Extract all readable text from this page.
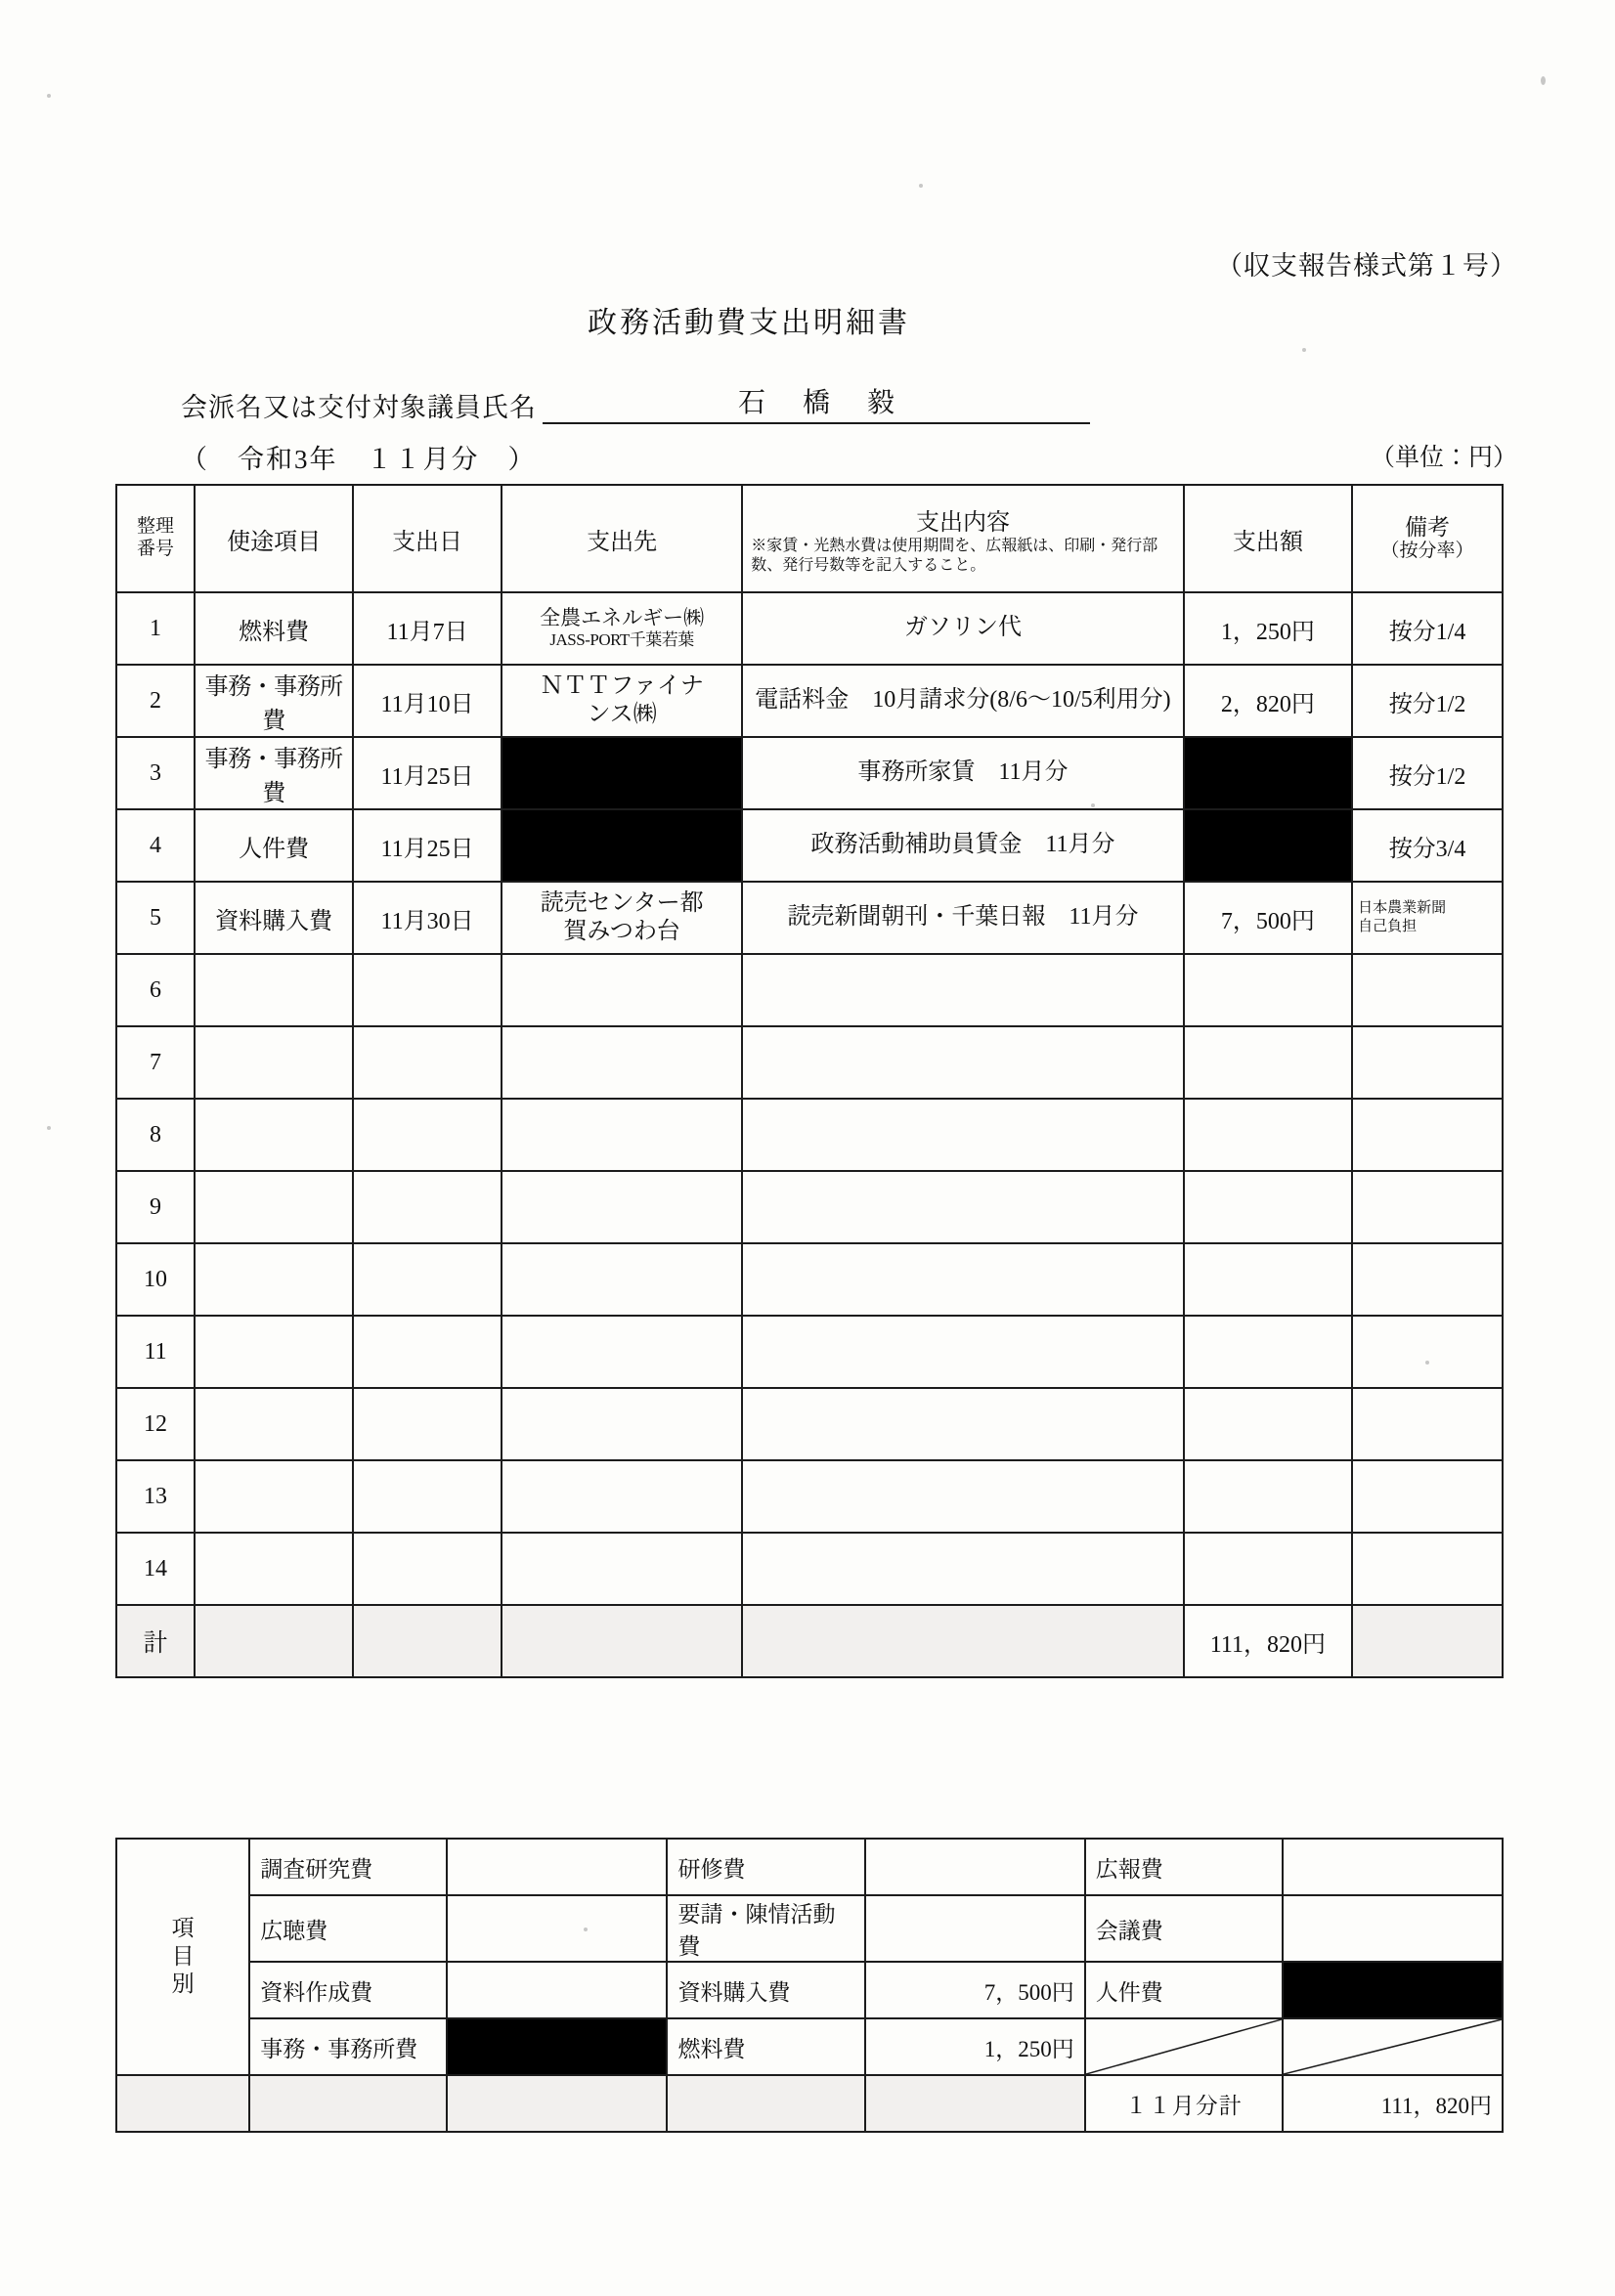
（収支報告様式第１号）
政務活動費支出明細書
会派名又は交付対象議員氏名	石橋毅
（　令和3年　１１月分　）	（単位：円）
整理
番号	使途項目	支出日	支出先	支出内容
※家賃・光熱水費は使用期間を、広報紙は、印刷・発行部数、発行号数等を記入すること。	支出額	備考
（按分率）

1	燃料費	11月7日	全農エネルギー㈱
JASS-PORT千葉若葉	ガソリン代	1，250円	按分1/4
2	事務・事務所費	11月10日	ＮＴＴファイナ
ンス㈱	電話料金　10月請求分(8/6〜10/5利用分)	2，820円	按分1/2
3	事務・事務所費	11月25日		事務所家賃　11月分		按分1/2
4	人件費	11月25日		政務活動補助員賃金　11月分		按分3/4
5	資料購入費	11月30日	読売センター都
賀みつわ台	読売新聞朝刊・千葉日報　11月分	7，500円	日本農業新聞
自己負担

6						
7						
8						
9						
10						
11						
12						
13						
14						
計					111，820円	
項
目
別	調査研究費		研修費		広報費	
	広聴費		要請・陳情活動費		会議費	
	資料作成費		資料購入費	7，500円	人件費	
	事務・事務所費		燃料費	1，250円	

					１１月分計	111，820円
